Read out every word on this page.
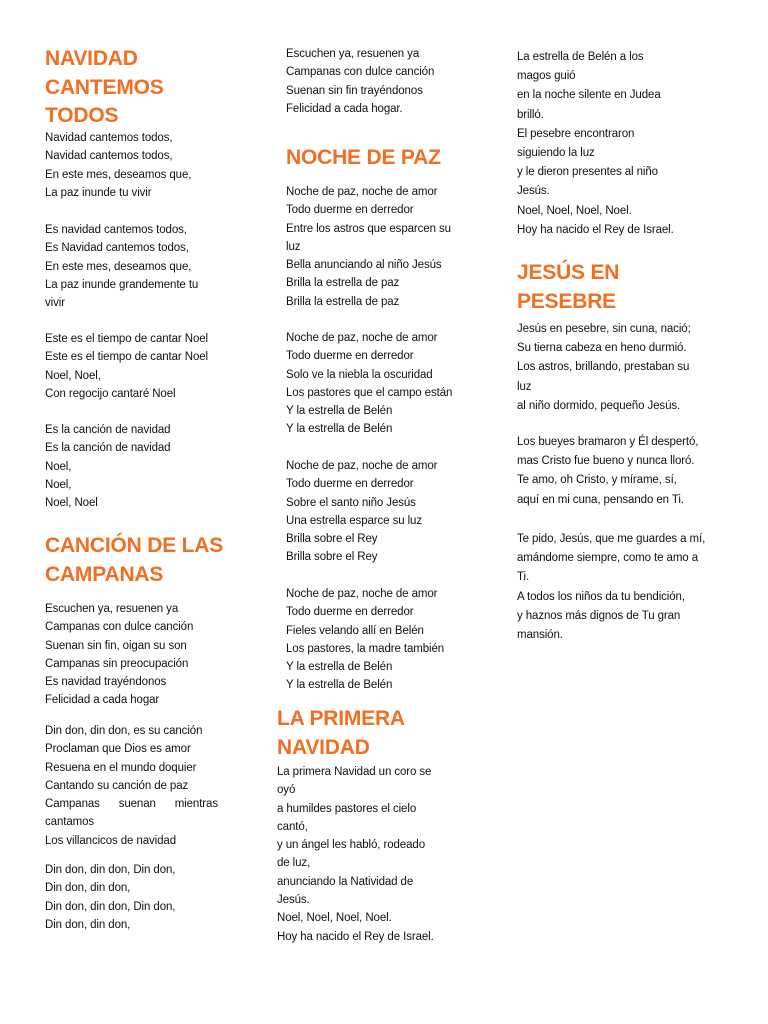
NAVIDAD CANTEMOS TODOS
Navidad cantemos todos,
Navidad cantemos todos,
En este mes, deseamos que,
La paz inunde tu vivir
Es navidad cantemos todos,
Es Navidad cantemos todos,
En este mes, deseamos que,
La paz inunde grandemente tu
vivir
Este es el tiempo de cantar Noel
Este es el tiempo de cantar Noel
Noel, Noel,
Con regocijo cantaré Noel
Es la canción de navidad
Es la canción de navidad
Noel,
Noel,
Noel, Noel
CANCIÓN DE LAS CAMPANAS
Escuchen ya, resuenen ya
Campanas con dulce canción
Suenan sin fin, oigan su son
Campanas sin preocupación
Es navidad trayéndonos
Felicidad a cada hogar
Din don, din don, es su canción
Proclaman que Dios es amor
Resuena en el mundo doquier
Cantando su canción de paz
Campanas suenan mientras
cantamos
Los villancicos de navidad
Din don, din don, Din don,
Din don, din don,
Din don, din don, Din don,
Din don, din don,
Escuchen ya, resuenen ya
Campanas con dulce canción
Suenan sin fin trayéndonos
Felicidad a cada hogar.
NOCHE DE PAZ
Noche de paz, noche de amor
Todo duerme en derredor
Entre los astros que esparcen su
luz
Bella anunciando al niño Jesús
Brilla la estrella de paz
Brilla la estrella de paz
Noche de paz, noche de amor
Todo duerme en derredor
Solo ve la niebla la oscuridad
Los pastores que el campo están
Y la estrella de Belén
Y la estrella de Belén
Noche de paz, noche de amor
Todo duerme en derredor
Sobre el santo niño Jesús
Una estrella esparce su luz
Brilla sobre el Rey
Brilla sobre el Rey
Noche de paz, noche de amor
Todo duerme en derredor
Fieles velando allí en Belén
Los pastores, la madre también
Y la estrella de Belén
Y la estrella de Belén
LA PRIMERA NAVIDAD
La primera Navidad un coro se
oyó
a humildes pastores el cielo
cantó,
y un ángel les habló, rodeado
de luz,
anunciando la Natividad de
Jesús.
Noel, Noel, Noel, Noel.
Hoy ha nacido el Rey de Israel.
La estrella de Belén a los
magos guió
en la noche silente en Judea
brilló.
El pesebre encontraron
siguiendo la luz
y le dieron presentes al niño
Jesús.
Noel, Noel, Noel, Noel.
Hoy ha nacido el Rey de Israel.
JESÚS EN PESEBRE
Jesús en pesebre, sin cuna, nació;
Su tierna cabeza en heno durmió.
Los astros, brillando, prestaban su
luz
al niño dormido, pequeño Jesús.
Los bueyes bramaron y Él despertó,
mas Cristo fue bueno y nunca lloró.
Te amo, oh Cristo, y mírame, sí,
aquí en mi cuna, pensando en Ti.
Te pido, Jesús, que me guardes a mí,
amándome siempre, como te amo a
Ti.
A todos los niños da tu bendición,
y haznos más dignos de Tu gran
mansión.
